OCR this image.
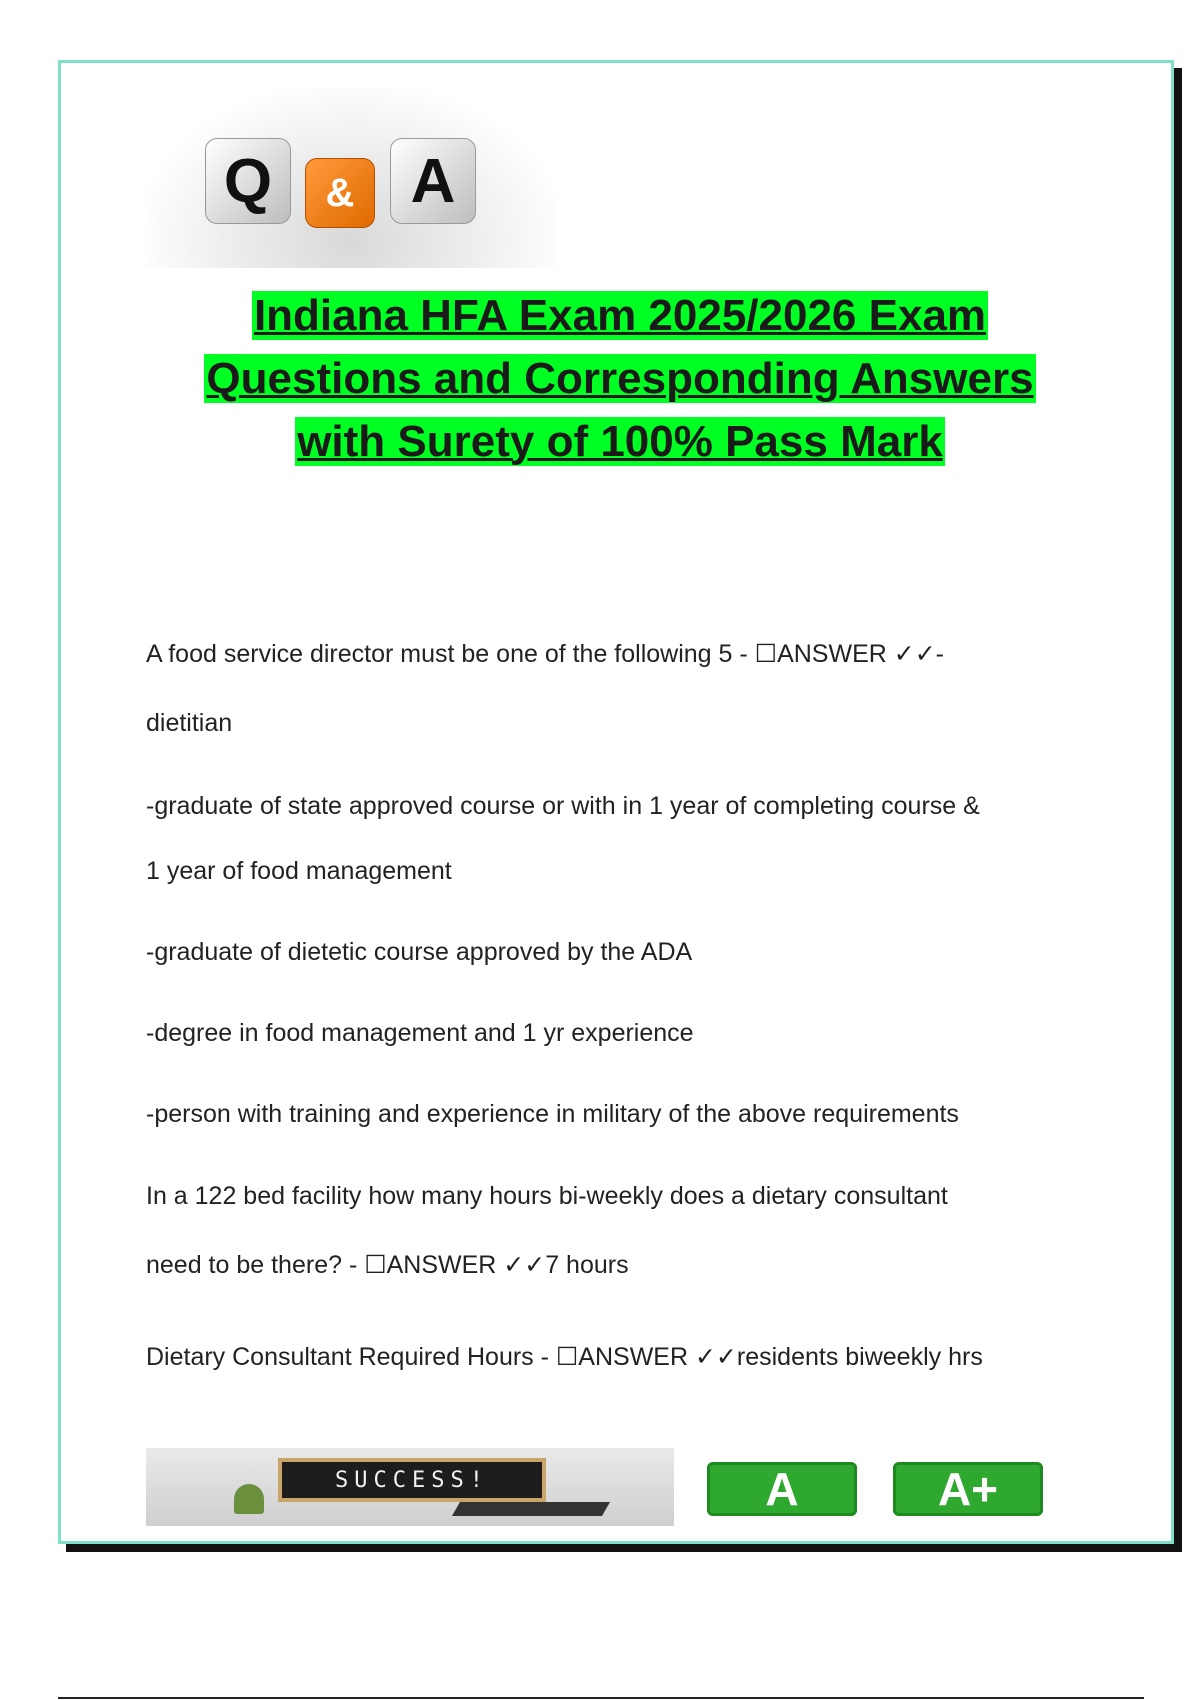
Q	& A
Indiana HFA Exam 2025/2026 Exam
Questions and Corresponding Answers
with Surety of 100% Pass Mark
A food service director must be one of the following 5 - ☐ANSWER ✓✓-
dietitian
-graduate of state approved course or with in 1 year of completing course &
1 year of food management
-graduate of dietetic course approved by the ADA
-degree in food management and 1 yr experience
-person with training and experience in military of the above requirements
In a 122 bed facility how many hours bi-weekly does a dietary consultant
need to be there? - ☐ANSWER ✓✓7 hours
Dietary Consultant Required Hours - ☐ANSWER ✓✓residents biweekly hrs
SUCCESS!	A	A+
